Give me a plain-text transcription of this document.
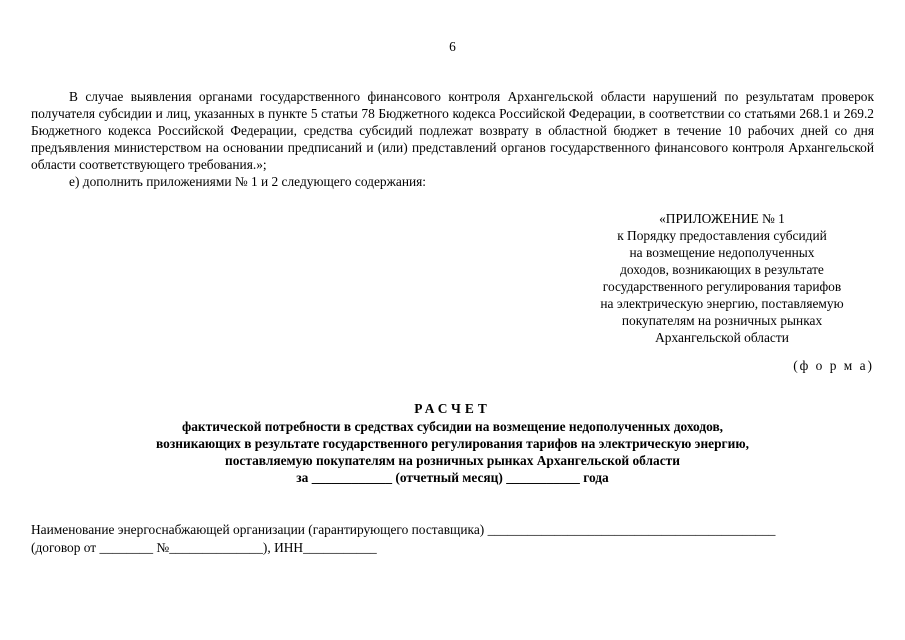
6

В случае выявления органами государственного финансового контроля Архангельской области нарушений по результатам проверок получателя субсидии и лиц, указанных в пункте 5 статьи 78 Бюджетного кодекса Российской Федерации, в соответствии со статьями 268.1 и 269.2 Бюджетного кодекса Российской Федерации, средства субсидий подлежат возврату в областной бюджет в течение 10 рабочих дней со дня предъявления министерством на основании предписаний и (или) представлений органов государственного финансового контроля Архангельской области соответствующего требования.»;

е) дополнить приложениями № 1 и 2 следующего содержания:

«ПРИЛОЖЕНИЕ № 1
к Порядку предоставления субсидий
на возмещение недополученных
доходов, возникающих в результате
государственного регулирования тарифов
на электрическую энергию, поставляемую
покупателям на розничных рынках
Архангельской области
(ф о р м а)
РАСЧЕТ
фактической потребности в средствах субсидии на возмещение недополученных доходов,
возникающих в результате государственного регулирования тарифов на электрическую энергию,
поставляемую покупателям на розничных рынках Архангельской области
за ____________ (отчетный месяц) ___________ года
Наименование энергоснабжающей организации (гарантирующего поставщика) ___________________________________________
(договор от ________ №______________), ИНН___________
